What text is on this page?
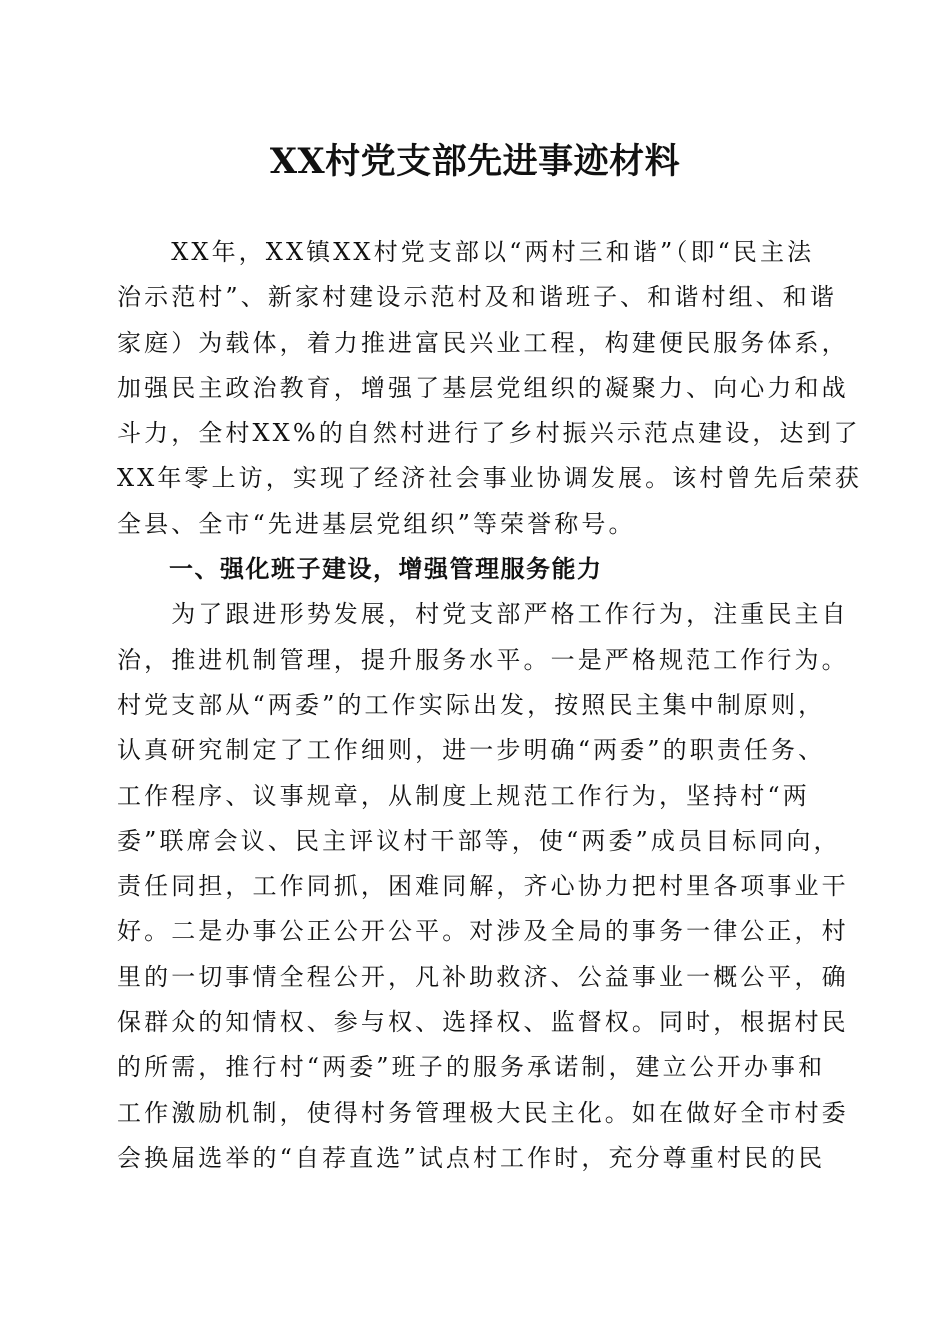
XX村党支部先进事迹材料
　　XX年，XX镇XX村党支部以“两村三和谐”（即“民主法
治示范村”、新家村建设示范村及和谐班子、和谐村组、和谐
家庭）为载体，着力推进富民兴业工程，构建便民服务体系，
加强民主政治教育，增强了基层党组织的凝聚力、向心力和战
斗力，全村XX%的自然村进行了乡村振兴示范点建设，达到了
XX年零上访，实现了经济社会事业协调发展。该村曾先后荣获
全县、全市“先进基层党组织”等荣誉称号。
一、强化班子建设，增强管理服务能力
　　为了跟进形势发展，村党支部严格工作行为，注重民主自
治，推进机制管理，提升服务水平。一是严格规范工作行为。
村党支部从“两委”的工作实际出发，按照民主集中制原则，
认真研究制定了工作细则，进一步明确“两委”的职责任务、
工作程序、议事规章，从制度上规范工作行为，坚持村“两
委”联席会议、民主评议村干部等，使“两委”成员目标同向，
责任同担，工作同抓，困难同解，齐心协力把村里各项事业干
好。二是办事公正公开公平。对涉及全局的事务一律公正，村
里的一切事情全程公开，凡补助救济、公益事业一概公平，确
保群众的知情权、参与权、选择权、监督权。同时，根据村民
的所需，推行村“两委”班子的服务承诺制，建立公开办事和
工作激励机制，使得村务管理极大民主化。如在做好全市村委
会换届选举的“自荐直选”试点村工作时，充分尊重村民的民
